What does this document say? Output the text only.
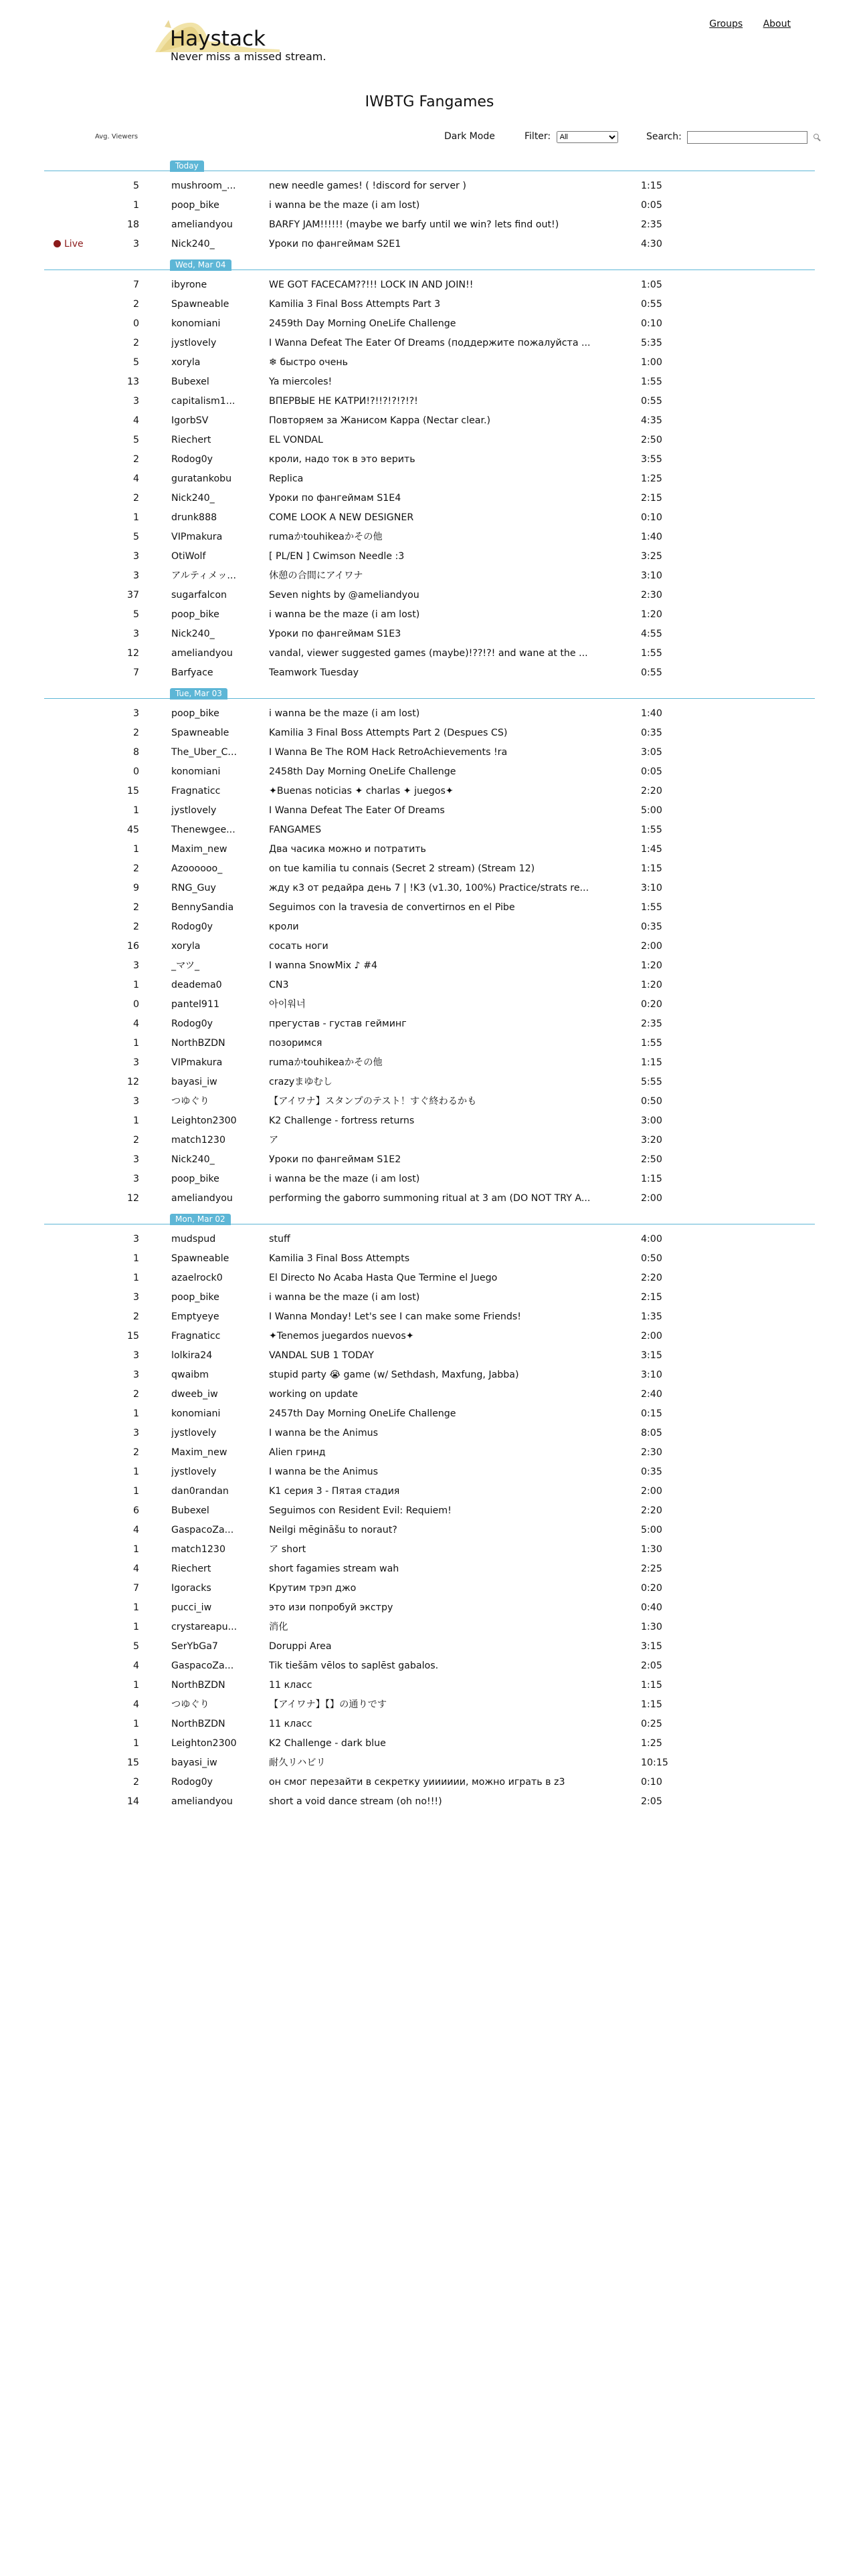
Haystack
Never miss a missed stream.
Groups About
IWBTG Fangames
Avg. Viewers	Dark Mode	Filter:
All	Search:
Today
5	mushroom_...	new needle games! ( !discord for server )	1:15
1	poop_bike	i wanna be the maze (i am lost)	0:05
18	ameliandyou	BARFY JAM!!!!!! (maybe we barfy until we win? lets find out!)	2:35
Live	3	Nick240_	Уроки по фангеймам S2E1	4:30
Wed, Mar 04
7	ibyrone	WE GOT FACECAM??!!! LOCK IN AND JOIN!!	1:05
2	Spawneable	Kamilia 3 Final Boss Attempts Part 3	0:55
0	konomiani	2459th Day Morning OneLife Challenge	0:10
2	jystlovely	I Wanna Defeat The Eater Of Dreams (поддержите пожалуйста ...	5:35
5	xoryla	❄ быстро очень	1:00
13	Bubexel	Ya miercoles!	1:55
3	capitalism1...	ВПЕРВЫЕ НЕ КАТРИ!?!!?!?!?!?!	0:55
4	IgorbSV	Повторяем за Жанисом Kappa (Nectar clear.)	4:35
5	Riechert	EL VONDAL	2:50
2	Rodog0y	кроли, надо ток в это верить	3:55
4	guratankobu	Replica	1:25
2	Nick240_	Уроки по фангеймам S1E4	2:15
1	drunk888	COME LOOK A NEW DESIGNER	0:10
5	VIPmakura	rumaかtouhikeaかその他	1:40
3	OtiWolf	[ PL/EN ] Cwimson Needle :3	3:25
3	アルティメッ...	休憩の合間にアイワナ	3:10
37	sugarfalcon	Seven nights by @ameliandyou	2:30
5	poop_bike	i wanna be the maze (i am lost)	1:20
3	Nick240_	Уроки по фангеймам S1E3	4:55
12	ameliandyou	vandal, viewer suggested games (maybe)!??!?! and wane at the ...	1:55
7	Barfyace	Teamwork Tuesday	0:55
Tue, Mar 03
3	poop_bike	i wanna be the maze (i am lost)	1:40
2	Spawneable	Kamilia 3 Final Boss Attempts Part 2 (Despues CS)	0:35
8	The_Uber_C...	I Wanna Be The ROM Hack RetroAchievements !ra	3:05
0	konomiani	2458th Day Morning OneLife Challenge	0:05
15	Fragnaticc	✦Buenas noticias ✦ charlas ✦ juegos✦	2:20
1	jystlovely	I Wanna Defeat The Eater Of Dreams	5:00
45	Thenewgee...	FANGAMES	1:55
1	Maxim_new	Два часика можно и потратить	1:45
2	Azoooooo_	on tue kamilia tu connais (Secret 2 stream) (Stream 12)	1:15
9	RNG_Guy	жду к3 от редайра день 7 | !K3 (v1.30, 100%) Practice/strats re...	3:10
2	BennySandia	Seguimos con la travesia de convertirnos en el Pibe	1:55
2	Rodog0y	кроли	0:35
16	xoryla	сосать ноги	2:00
3	_マツ_	I wanna SnowMix ♪ #4	1:20
1	deadema0	CN3	1:20
0	pantel911	아이워너	0:20
4	Rodog0y	прегустав - густав гейминг	2:35
1	NorthBZDN	позоримся	1:55
3	VIPmakura	rumaかtouhikeaかその他	1:15
12	bayasi_iw	crazyまゆむし	5:55
3	つゆぐり	【アイワナ】スタンプのテスト！すぐ終わるかも	0:50
1	Leighton2300	K2 Challenge - fortress returns	3:00
2	match1230	ア	3:20
3	Nick240_	Уроки по фангеймам S1E2	2:50
3	poop_bike	i wanna be the maze (i am lost)	1:15
12	ameliandyou	performing the gaborro summoning ritual at 3 am (DO NOT TRY A...	2:00
Mon, Mar 02
3	mudspud	stuff	4:00
1	Spawneable	Kamilia 3 Final Boss Attempts	0:50
1	azaelrock0	El Directo No Acaba Hasta Que Termine el Juego	2:20
3	poop_bike	i wanna be the maze (i am lost)	2:15
2	Emptyeye	I Wanna Monday! Let's see I can make some Friends!	1:35
15	Fragnaticc	✦Tenemos juegardos nuevos✦	2:00
3	lolkira24	VANDAL SUB 1 TODAY	3:15
3	qwaibm	stupid party 😭 game (w/ Sethdash, Maxfung, Jabba)	3:10
2	dweeb_iw	working on update	2:40
1	konomiani	2457th Day Morning OneLife Challenge	0:15
3	jystlovely	I wanna be the Animus	8:05
2	Maxim_new	Alien гринд	2:30
1	jystlovely	I wanna be the Animus	0:35
1	dan0randan	K1 серия 3 - Пятая стадия	2:00
6	Bubexel	Seguimos con Resident Evil: Requiem!	2:20
4	GaspacoZa...	Neilgi mēgināšu to noraut?	5:00
1	match1230	ア short	1:30
4	Riechert	short fagamies stream wah	2:25
7	Igoracks	Крутим трэп джо	0:20
1	pucci_iw	это изи попробуй экстру	0:40
1	crystareapu...	消化	1:30
5	SerYbGa7	Doruppi Area	3:15
4	GaspacoZa...	Tik tiešām vēlos to saplēst gabalos.	2:05
1	NorthBZDN	11 класс	1:15
4	つゆぐり	【アイワナ】【】の通りです	1:15
1	NorthBZDN	11 класс	0:25
1	Leighton2300	K2 Challenge - dark blue	1:25
15	bayasi_iw	耐久リハビリ	10:15
2	Rodog0y	он смог перезайти в секретку уииииии, можно играть в z3	0:10
14	ameliandyou	short a void dance stream (oh no!!!)	2:05
